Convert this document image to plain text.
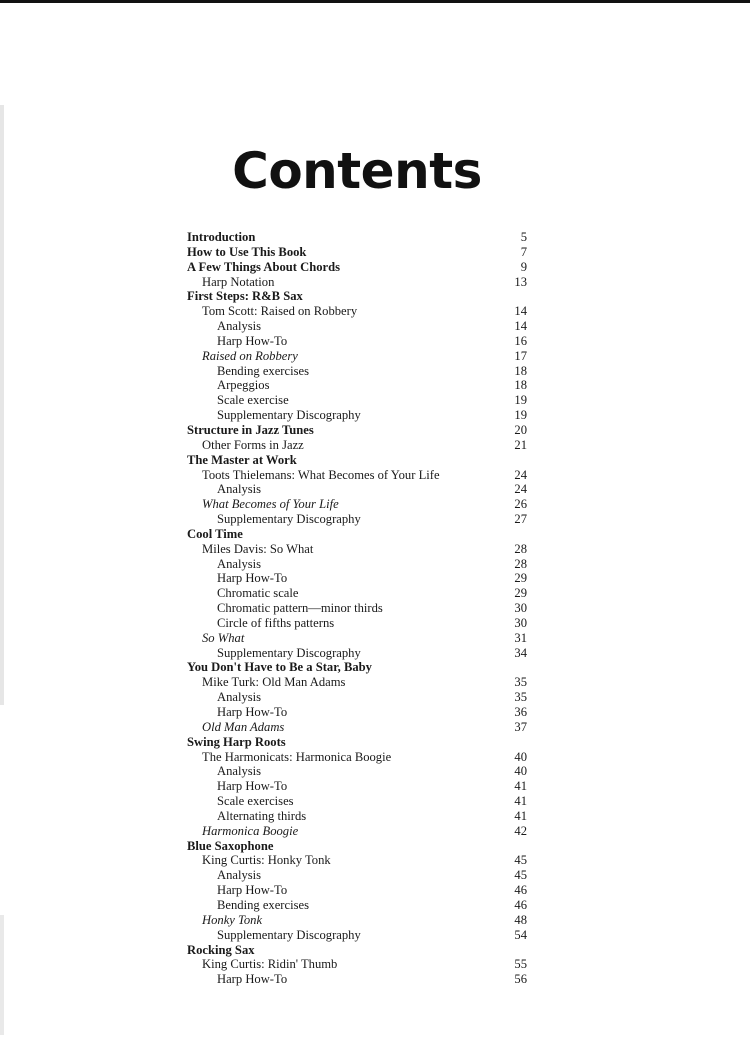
Contents
Introduction	5
How to Use This Book	7
A Few Things About Chords	9
Harp Notation	13
First Steps: R&B Sax
Tom Scott: Raised on Robbery	14
Analysis	14
Harp How-To	16
Raised on Robbery	17
Bending exercises	18
Arpeggios	18
Scale exercise	19
Supplementary Discography	19
Structure in Jazz Tunes	20
Other Forms in Jazz	21
The Master at Work
Toots Thielemans: What Becomes of Your Life	24
Analysis	24
What Becomes of Your Life	26
Supplementary Discography	27
Cool Time
Miles Davis: So What	28
Analysis	28
Harp How-To	29
Chromatic scale	29
Chromatic pattern—minor thirds	30
Circle of fifths patterns	30
So What	31
Supplementary Discography	34
You Don't Have to Be a Star, Baby
Mike Turk: Old Man Adams	35
Analysis	35
Harp How-To	36
Old Man Adams	37
Swing Harp Roots
The Harmonicats: Harmonica Boogie	40
Analysis	40
Harp How-To	41
Scale exercises	41
Alternating thirds	41
Harmonica Boogie	42
Blue Saxophone
King Curtis: Honky Tonk	45
Analysis	45
Harp How-To	46
Bending exercises	46
Honky Tonk	48
Supplementary Discography	54
Rocking Sax
King Curtis: Ridin' Thumb	55
Harp How-To	56
